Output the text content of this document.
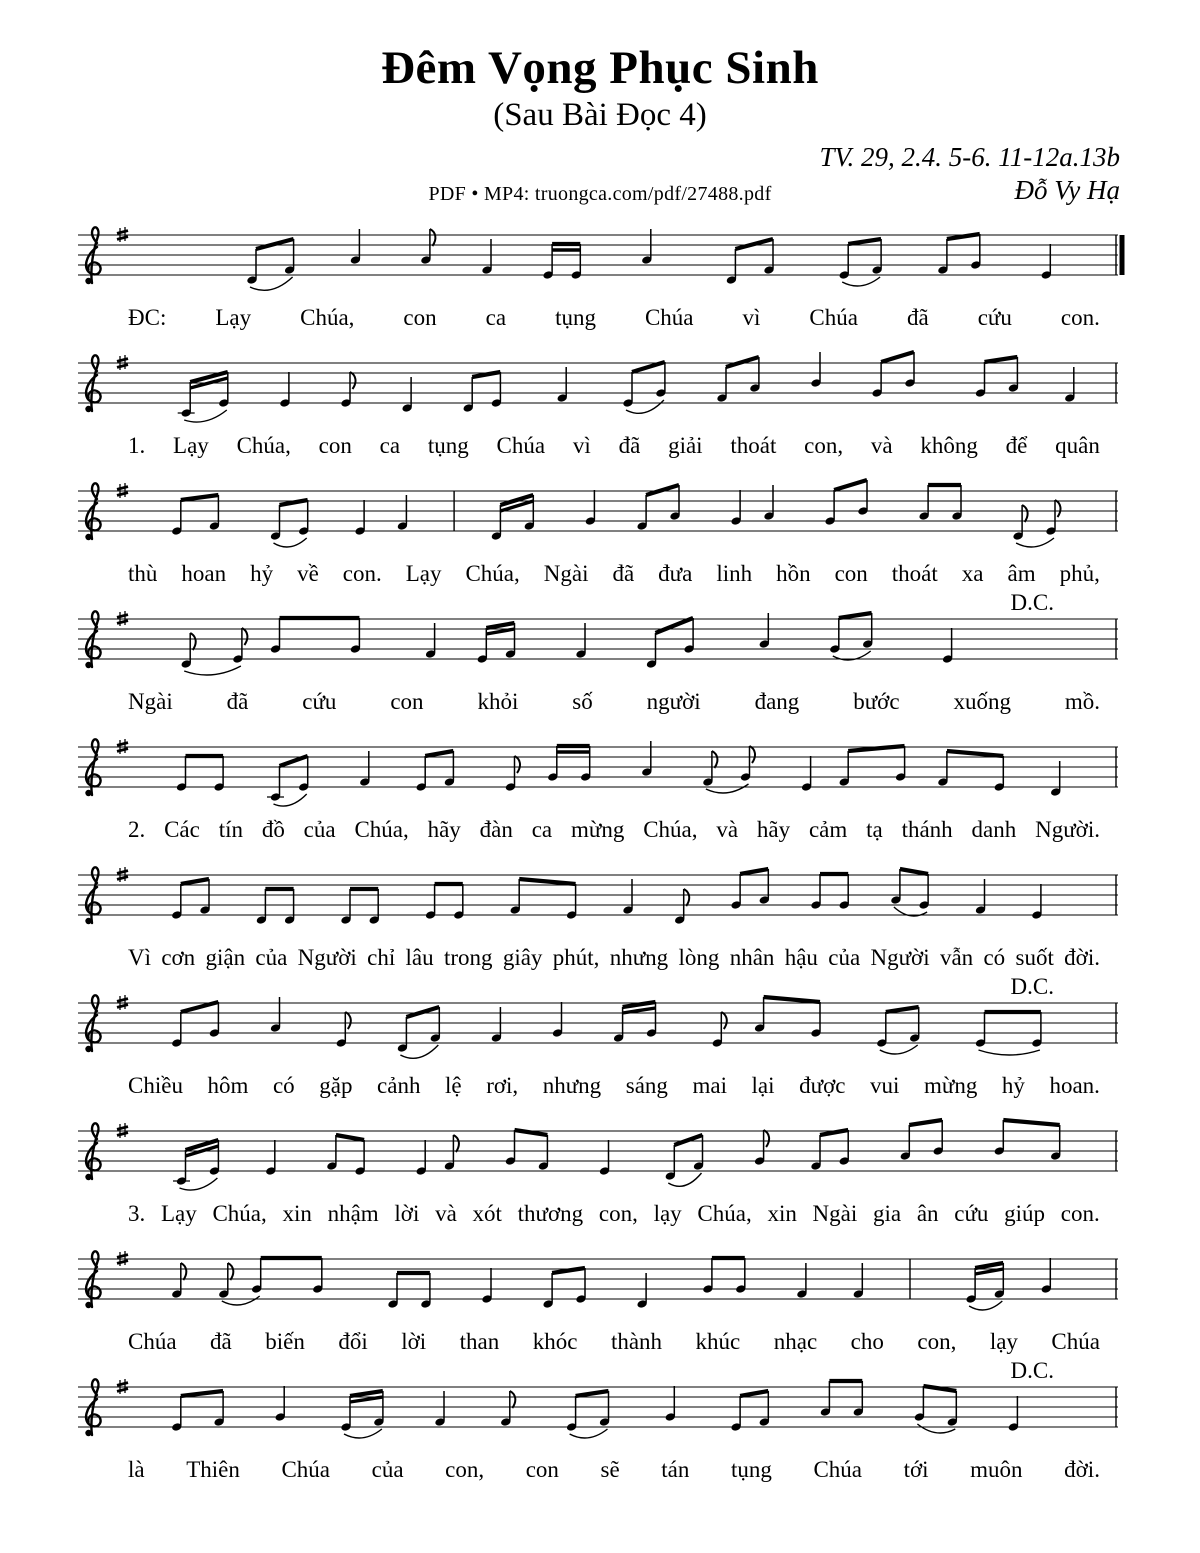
Đêm Vọng Phục Sinh
(Sau Bài Đọc 4)
TV. 29, 2.4. 5-6. 11-12a.13b
PDF • MP4: truongca.com/pdf/27488.pdf	Đỗ Vy Hạ
ĐC: Lạy Chúa, con ca tụng Chúa vì Chúa đã cứu con.
1. Lạy Chúa, con ca tụng Chúa vì đã giải thoát con, và không để quân
thù hoan hỷ về con. Lạy Chúa, Ngài đã đưa linh hồn con thoát xa âm phủ,
Ngài đã cứu con khỏi số người đang bước xuống mồ.
D.C.
2. Các tín đồ của Chúa, hãy đàn ca mừng Chúa, và hãy cảm tạ thánh danh Người.
Vì cơn giận của Người chỉ lâu trong giây phút, nhưng lòng nhân hậu của Người vẫn có suốt đời.
Chiều hôm có gặp cảnh lệ rơi, nhưng sáng mai lại được vui mừng hỷ hoan.
D.C.
3. Lạy Chúa, xin nhậm lời và xót thương con, lạy Chúa, xin Ngài gia ân cứu giúp con.
Chúa đã biến đổi lời than khóc thành khúc nhạc cho con, lạy Chúa
là Thiên Chúa của con, con sẽ tán tụng Chúa tới muôn đời.
D.C.
